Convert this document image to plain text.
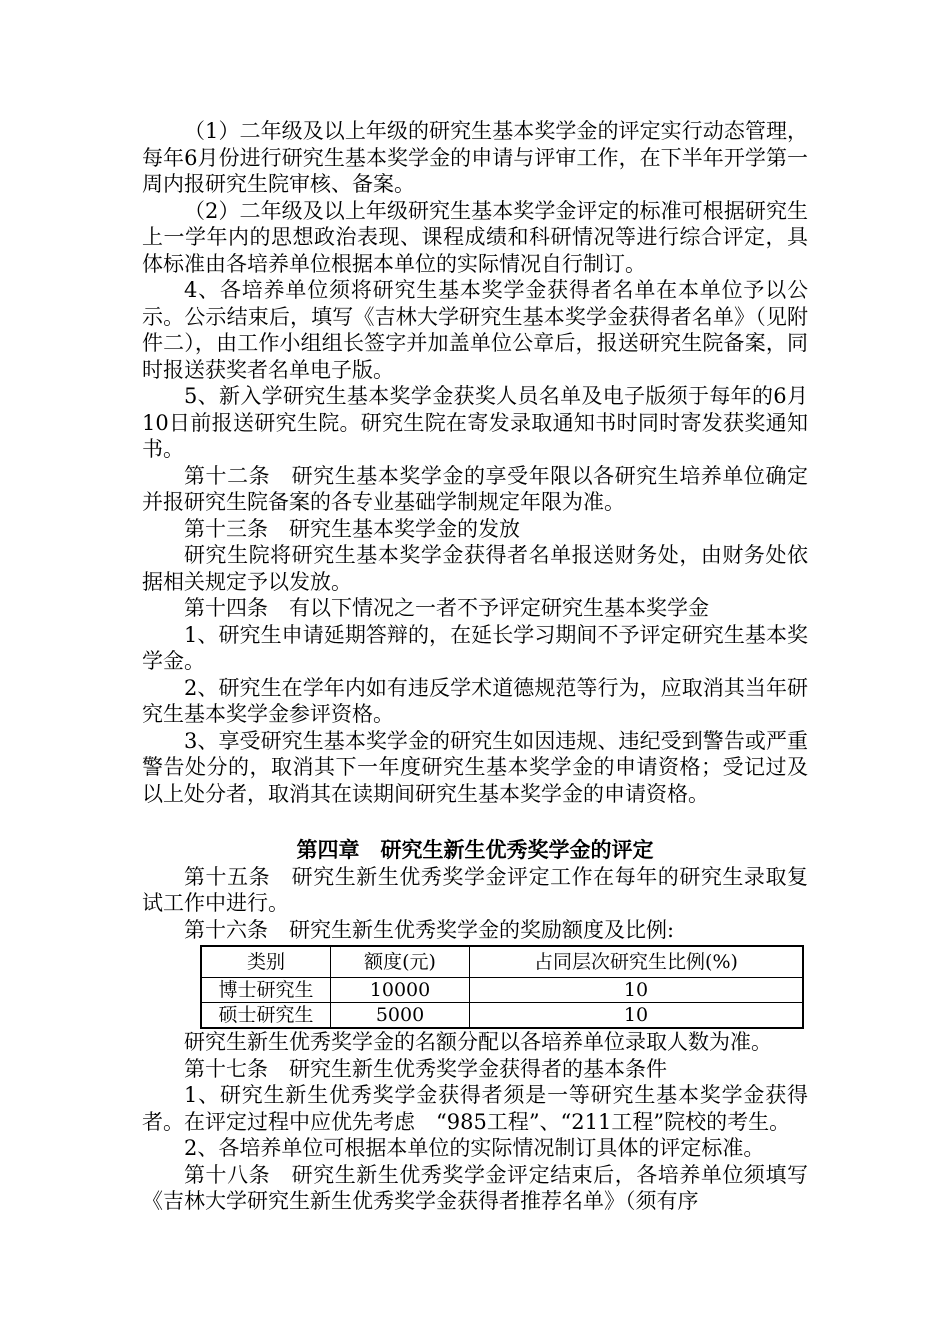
（1）二年级及以上年级的研究生基本奖学金的评定实行动态管理，每年6月份进行研究生基本奖学金的申请与评审工作，在下半年开学第一周内报研究生院审核、备案。

（2）二年级及以上年级研究生基本奖学金评定的标准可根据研究生上一学年内的思想政治表现、课程成绩和科研情况等进行综合评定，具体标准由各培养单位根据本单位的实际情况自行制订。

4、各培养单位须将研究生基本奖学金获得者名单在本单位予以公示。公示结束后，填写《吉林大学研究生基本奖学金获得者名单》（见附件二），由工作小组组长签字并加盖单位公章后，报送研究生院备案，同时报送获奖者名单电子版。

5、新入学研究生基本奖学金获奖人员名单及电子版须于每年的6月10日前报送研究生院。研究生院在寄发录取通知书时同时寄发获奖通知书。

第十二条　研究生基本奖学金的享受年限以各研究生培养单位确定并报研究生院备案的各专业基础学制规定年限为准。

第十三条　研究生基本奖学金的发放

研究生院将研究生基本奖学金获得者名单报送财务处，由财务处依据相关规定予以发放。

第十四条　有以下情况之一者不予评定研究生基本奖学金

1、研究生申请延期答辩的，在延长学习期间不予评定研究生基本奖学金。

2、研究生在学年内如有违反学术道德规范等行为，应取消其当年研究生基本奖学金参评资格。

3、享受研究生基本奖学金的研究生如因违规、违纪受到警告或严重警告处分的，取消其下一年度研究生基本奖学金的申请资格；受记过及以上处分者，取消其在读期间研究生基本奖学金的申请资格。

第四章　研究生新生优秀奖学金的评定

第十五条　研究生新生优秀奖学金评定工作在每年的研究生录取复试工作中进行。

第十六条　研究生新生优秀奖学金的奖励额度及比例:

类别	额度(元)	占同层次研究生比例(%)
博士研究生	10000	10
硕士研究生	5000	10

研究生新生优秀奖学金的名额分配以各培养单位录取人数为准。

第十七条　研究生新生优秀奖学金获得者的基本条件

1、研究生新生优秀奖学金获得者须是一等研究生基本奖学金获得者。在评定过程中应优先考虑　“985工程”、“211工程”院校的考生。

2、各培养单位可根据本单位的实际情况制订具体的评定标准。

第十八条　研究生新生优秀奖学金评定结束后，各培养单位须填写《吉林大学研究生新生优秀奖学金获得者推荐名单》（须有序
